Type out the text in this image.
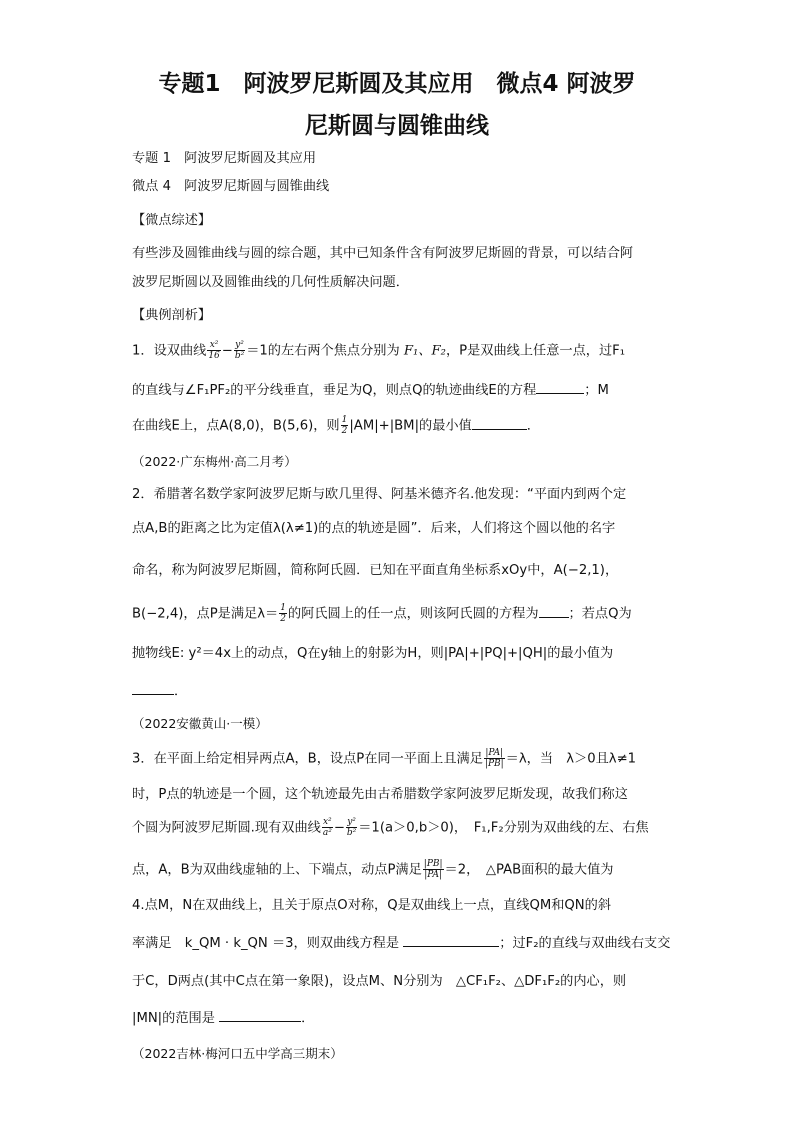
专题1　阿波罗尼斯圆及其应用　微点4 阿波罗
尼斯圆与圆锥曲线
专题 1　阿波罗尼斯圆及其应用
微点 4　阿波罗尼斯圆与圆锥曲线
【微点综述】
有些涉及圆锥曲线与圆的综合题，其中已知条件含有阿波罗尼斯圆的背景，可以结合阿
波罗尼斯圆以及圆锥曲线的几何性质解决问题．
【典例剖析】
1．设双曲线 $\frac{\text{x²}}{16} - \frac{\text{y²}}{\text{b²}} =1$的左右两个焦点分别为 F₁、F₂，P是双曲线上任意一点，过F₁
的直线与∠F₁PF₂的平分线垂直，垂足为Q，则点Q的轨迹曲线E的方程	；M
在曲线E上，点A(8,0)，B(5,6)，则 $\frac{1}{2} |AM|+|BM|$的最小值	．
（2022·广东梅州·高二月考）
2．希腊著名数学家阿波罗尼斯与欧几里得、阿基米德齐名.他发现：“平面内到两个定
点A,B的距离之比为定值λ(λ≠1)的点的轨迹是圆”．后来，人们将这个圆以他的名字
命名，称为阿波罗尼斯圆，简称阿氏圆．已知在平面直角坐标系xOy中，A(−2,1)，
B(−2,4)，点P是满足$\lambda= \frac{1}{2}$ 的阿氏圆上的任一点，则该阿氏圆的方程为 ；若点Q为
抛物线E: y²＝4x上的动点，Q在y轴上的射影为H，则|PA|+|PQ|+|QH|的最小值为
．
（2022安徽黄山·一模）
3．在平面上给定相异两点A，B，设点P在同一平面上且满足 $\frac{|PA|}{|PB|} =\lambda$，当　λ＞0且λ≠1
时，P点的轨迹是一个圆，这个轨迹最先由古希腊数学家阿波罗尼斯发现，故我们称这
个圆为阿波罗尼斯圆.现有双曲线 $\frac{\text{x²}}{\text{a²}} - \frac{\text{y²}}{\text{b²}} =1(a>0,b>0)$，　F₁,F₂分别为双曲线的左、右焦
点，A，B为双曲线虚轴的上、下端点，动点P满足 $\frac{|PB|}{|PA|} =2$，　△PAB面积的最大值为
4.点M，N在双曲线上，且关于原点O对称，Q是双曲线上一点，直线QM和QN的斜
率满足　k_QM · k_QN ＝3，则双曲线方程是	；过F₂的直线与双曲线右支交
于C，D两点(其中C点在第一象限)，设点M、N分别为　△CF₁F₂、△DF₁F₂的内心，则
|MN|的范围是	．
（2022吉林·梅河口五中学高三期末）
